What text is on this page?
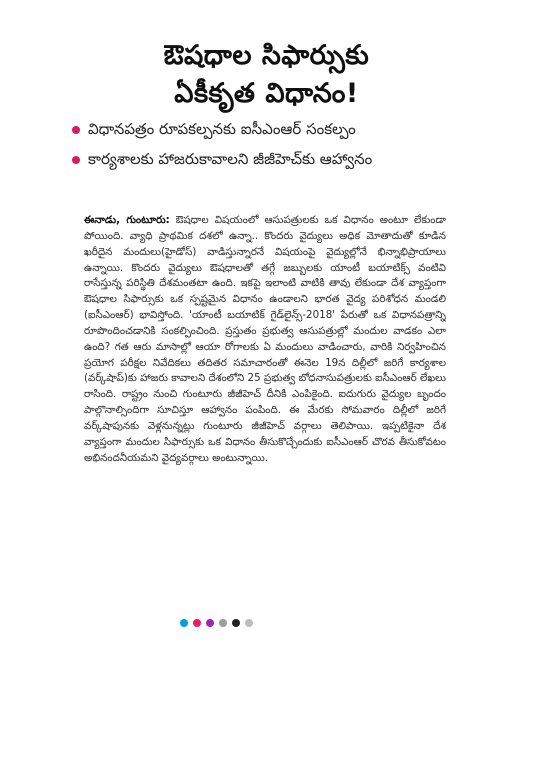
ఔషధాల సిఫార్సుకు
ఏకీకృత విధానం!
విధానపత్రం రూపకల్పనకు ఐసీఎంఆర్ సంకల్పం
కార్యశాలకు హాజరుకావాలని జీజీహెచ్‌కు ఆహ్వానం
ఈనాడు, గుంటూరు: ఔషధాల విషయంలో ఆసుపత్రులకు ఒక విధానం అంటూ లేకుండా పోయింది. వ్యాధి ప్రాథమిక దశలో ఉన్నా.. కొందరు వైద్యులు అధిక మోతాదుతో కూడిన ఖరీదైన మందులు(హైడోస్) వాడిస్తున్నారనే విషయంపై వైద్యుల్లోనే భిన్నాభిప్రాయాలు ఉన్నాయి. కొందరు వైద్యులు ఔషధాలతో తగ్గే జబ్బులకు యాంటీ బయాటిక్స్ వంటివి రాసేస్తున్న పరిస్థితి దేశమంతటా ఉంది. ఇకపై ఇలాంటి వాటికి తావు లేకుండా దేశ వ్యాప్తంగా ఔషధాల సిఫార్సుకు ఒక స్పష్టమైన విధానం ఉండాలని భారత వైద్య పరిశోధన మండలి (ఐసీఎంఆర్) భావిస్తోంది. 'యాంటీ బయాటిక్ గైడ్‌లైన్స్-2018' పేరుతో ఒక విధానపత్రాన్ని రూపొందించడానికి సంకల్పించింది. ప్రస్తుతం ప్రభుత్వ ఆసుపత్రుల్లో మందుల వాడకం ఎలా ఉంది? గత ఆరు మాసాల్లో ఆయా రోగాలకు ఏ మందులు వాడించారు, వారికి నిర్వహించిన ప్రయోగ పరీక్షల నివేదికలు తదితర సమాచారంతో ఈనెల 19న దిల్లీలో జరిగే కార్యశాల (వర్క్‌షాప్)కు హాజరు కావాలని దేశంలోని 25 ప్రభుత్వ బోధనాసుపత్రులకు ఐసీఎంఆర్ లేఖలు రాసింది. రాష్ట్రం నుంచి గుంటూరు జీజీహెచ్ దీనికి ఎంపికైంది. ఐదుగురు వైద్యుల బృందం పాల్గొనాల్సిందిగా సూచిస్తూ ఆహ్వానం పంపింది. ఈ మేరకు సోమవారం దిల్లీలో జరిగే వర్క్‌షాపునకు వెళ్లనున్నట్లు గుంటూరు జీజీహెచ్ వర్గాలు తెలిపాయి. ఇప్పటికైనా దేశ వ్యాప్తంగా మందుల సిఫార్సుకు ఒక విధానం తీసుకొచ్చేందుకు ఐసీఎంఆర్ చొరవ తీసుకోవటం అభినందనీయమని వైద్యవర్గాలు అంటున్నాయి.
